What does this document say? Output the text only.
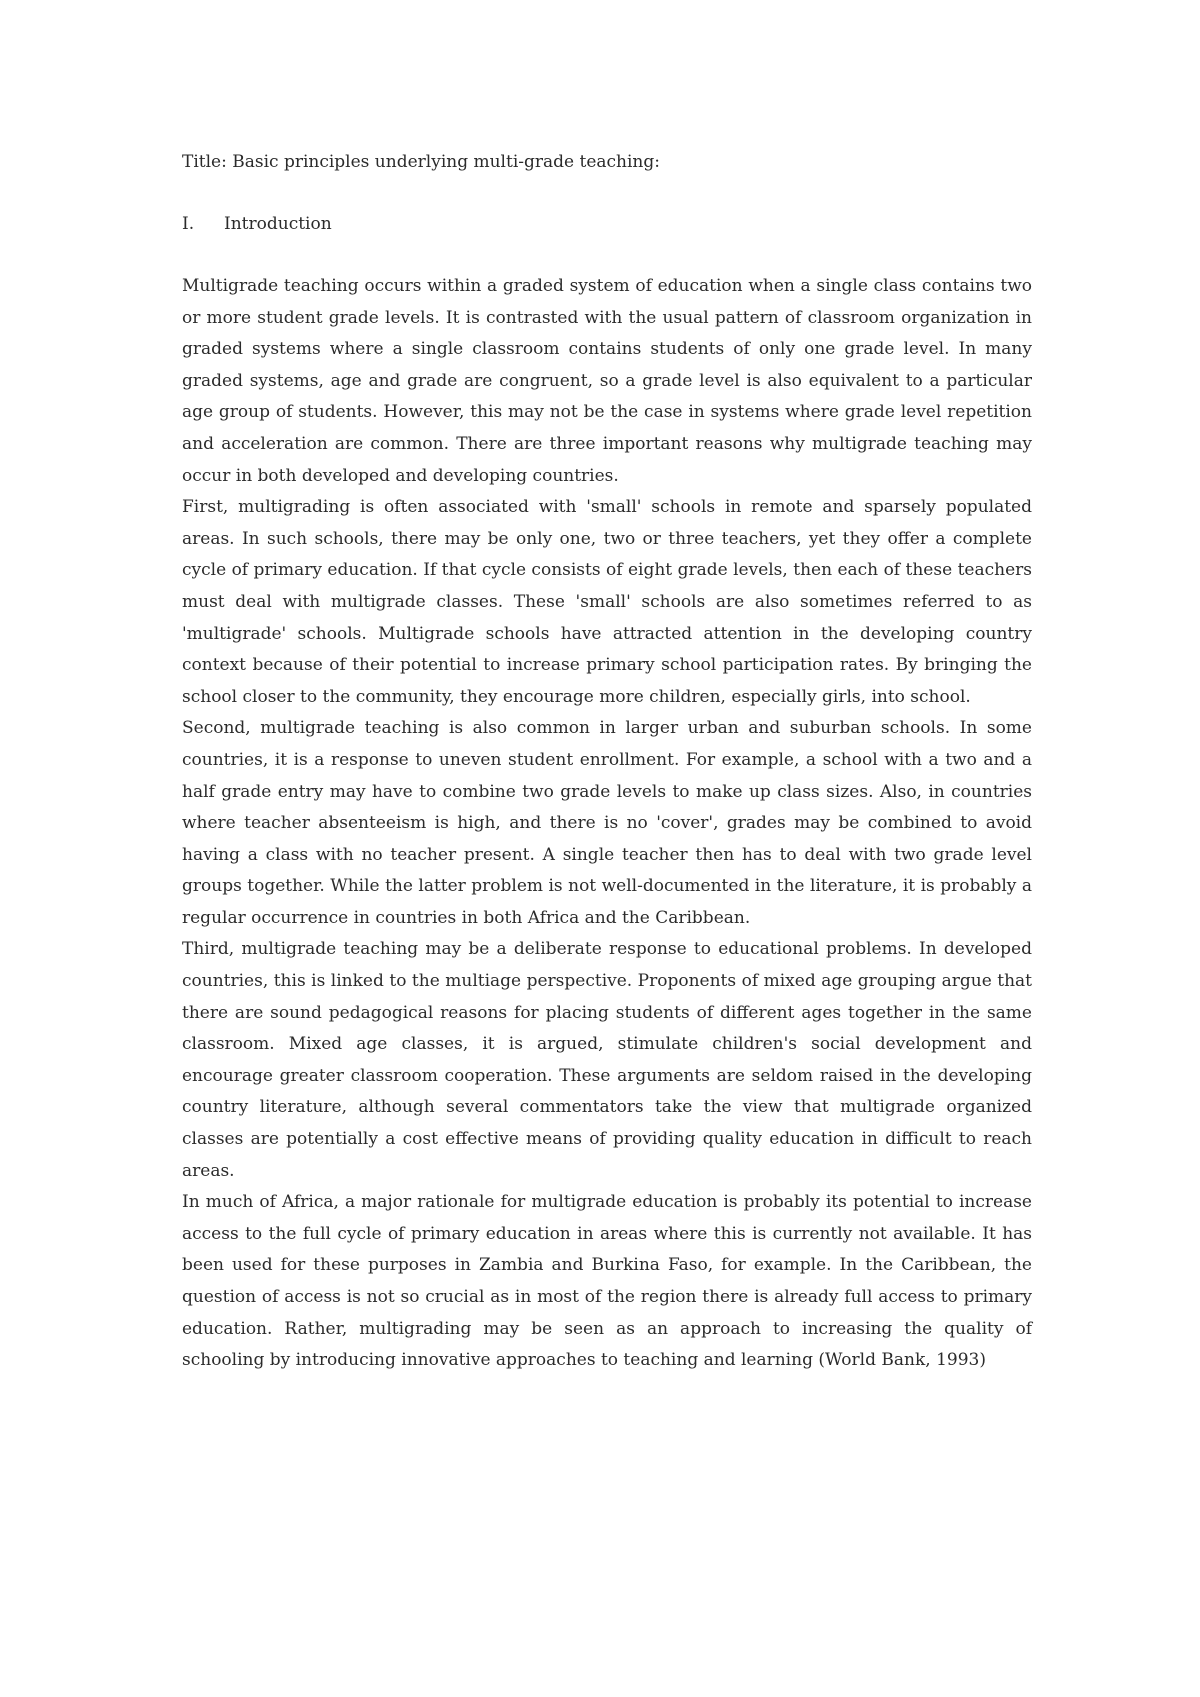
Title: Basic principles underlying multi-grade teaching:

I.	Introduction

Multigrade teaching occurs within a graded system of education when a single class contains two or more student grade levels. It is contrasted with the usual pattern of classroom organization in graded systems where a single classroom contains students of only one grade level. In many graded systems, age and grade are congruent, so a grade level is also equivalent to a particular age group of students. However, this may not be the case in systems where grade level repetition and acceleration are common. There are three important reasons why multigrade teaching may occur in both developed and developing countries.

First, multigrading is often associated with 'small' schools in remote and sparsely populated areas. In such schools, there may be only one, two or three teachers, yet they offer a complete cycle of primary education. If that cycle consists of eight grade levels, then each of these teachers must deal with multigrade classes. These 'small' schools are also sometimes referred to as 'multigrade' schools. Multigrade schools have attracted attention in the developing country context because of their potential to increase primary school participation rates. By bringing the school closer to the community, they encourage more children, especially girls, into school.

Second, multigrade teaching is also common in larger urban and suburban schools. In some countries, it is a response to uneven student enrollment. For example, a school with a two and a half grade entry may have to combine two grade levels to make up class sizes. Also, in countries where teacher absenteeism is high, and there is no 'cover', grades may be combined to avoid having a class with no teacher present. A single teacher then has to deal with two grade level groups together. While the latter problem is not well-documented in the literature, it is probably a regular occurrence in countries in both Africa and the Caribbean.

Third, multigrade teaching may be a deliberate response to educational problems. In developed countries, this is linked to the multiage perspective. Proponents of mixed age grouping argue that there are sound pedagogical reasons for placing students of different ages together in the same classroom. Mixed age classes, it is argued, stimulate children's social development and encourage greater classroom cooperation. These arguments are seldom raised in the developing country literature, although several commentators take the view that multigrade organized classes are potentially a cost effective means of providing quality education in difficult to reach areas.

In much of Africa, a major rationale for multigrade education is probably its potential to increase access to the full cycle of primary education in areas where this is currently not available. It has been used for these purposes in Zambia and Burkina Faso, for example. In the Caribbean, the question of access is not so crucial as in most of the region there is already full access to primary education. Rather, multigrading may be seen as an approach to increasing the quality of schooling by introducing innovative approaches to teaching and learning (World Bank, 1993)
